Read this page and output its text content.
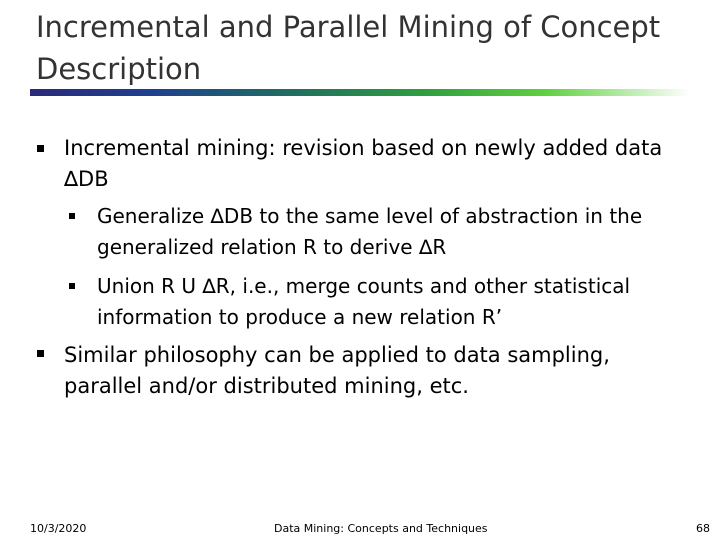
Incremental and Parallel Mining of Concept
Description
Incremental mining: revision based on newly added data
∆DB
Generalize ∆DB to the same level of abstraction in the
generalized relation R to derive ∆R
Union R U ∆R, i.e., merge counts and other statistical
information to produce a new relation R’
Similar philosophy can be applied to data sampling,
parallel and/or distributed mining, etc.
10/3/2020	Data Mining: Concepts and Techniques	68
